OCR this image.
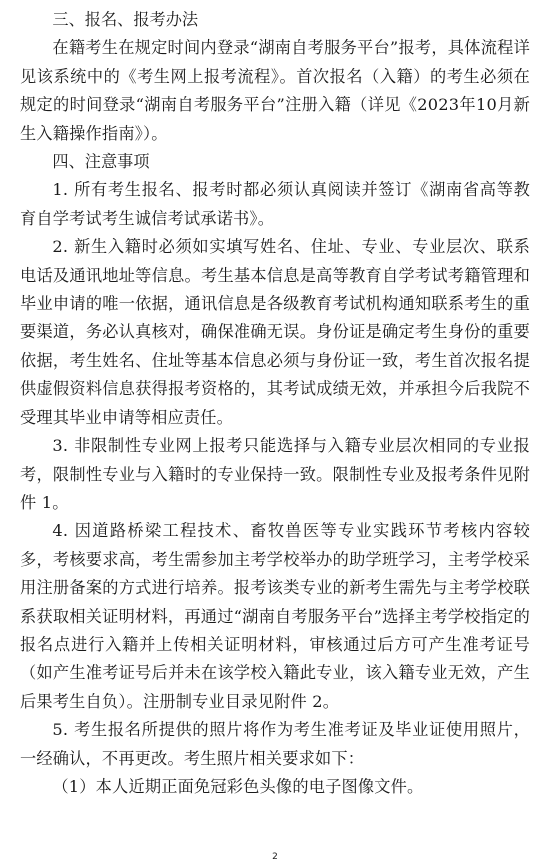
三、报名、报考办法

在籍考生在规定时间内登录“湖南自考服务平台”报考，具体流程详见该系统中的《考生网上报考流程》。首次报名（入籍）的考生必须在规定的时间登录“湖南自考服务平台”注册入籍（详见《2023年10月新生入籍操作指南》）。

四、注意事项

1. 所有考生报名、报考时都必须认真阅读并签订《湖南省高等教育自学考试考生诚信考试承诺书》。

2. 新生入籍时必须如实填写姓名、住址、专业、专业层次、联系电话及通讯地址等信息。考生基本信息是高等教育自学考试考籍管理和毕业申请的唯一依据，通讯信息是各级教育考试机构通知联系考生的重要渠道，务必认真核对，确保准确无误。身份证是确定考生身份的重要依据，考生姓名、住址等基本信息必须与身份证一致，考生首次报名提供虚假资料信息获得报考资格的，其考试成绩无效，并承担今后我院不受理其毕业申请等相应责任。

3. 非限制性专业网上报考只能选择与入籍专业层次相同的专业报考，限制性专业与入籍时的专业保持一致。限制性专业及报考条件见附件 1。

4. 因道路桥梁工程技术、畜牧兽医等专业实践环节考核内容较多，考核要求高，考生需参加主考学校举办的助学班学习，主考学校采用注册备案的方式进行培养。报考该类专业的新考生需先与主考学校联系获取相关证明材料，再通过“湖南自考服务平台”选择主考学校指定的报名点进行入籍并上传相关证明材料，审核通过后方可产生准考证号（如产生准考证号后并未在该学校入籍此专业，该入籍专业无效，产生后果考生自负）。注册制专业目录见附件 2。

5. 考生报名所提供的照片将作为考生准考证及毕业证使用照片，一经确认，不再更改。考生照片相关要求如下：

（1）本人近期正面免冠彩色头像的电子图像文件。

2
